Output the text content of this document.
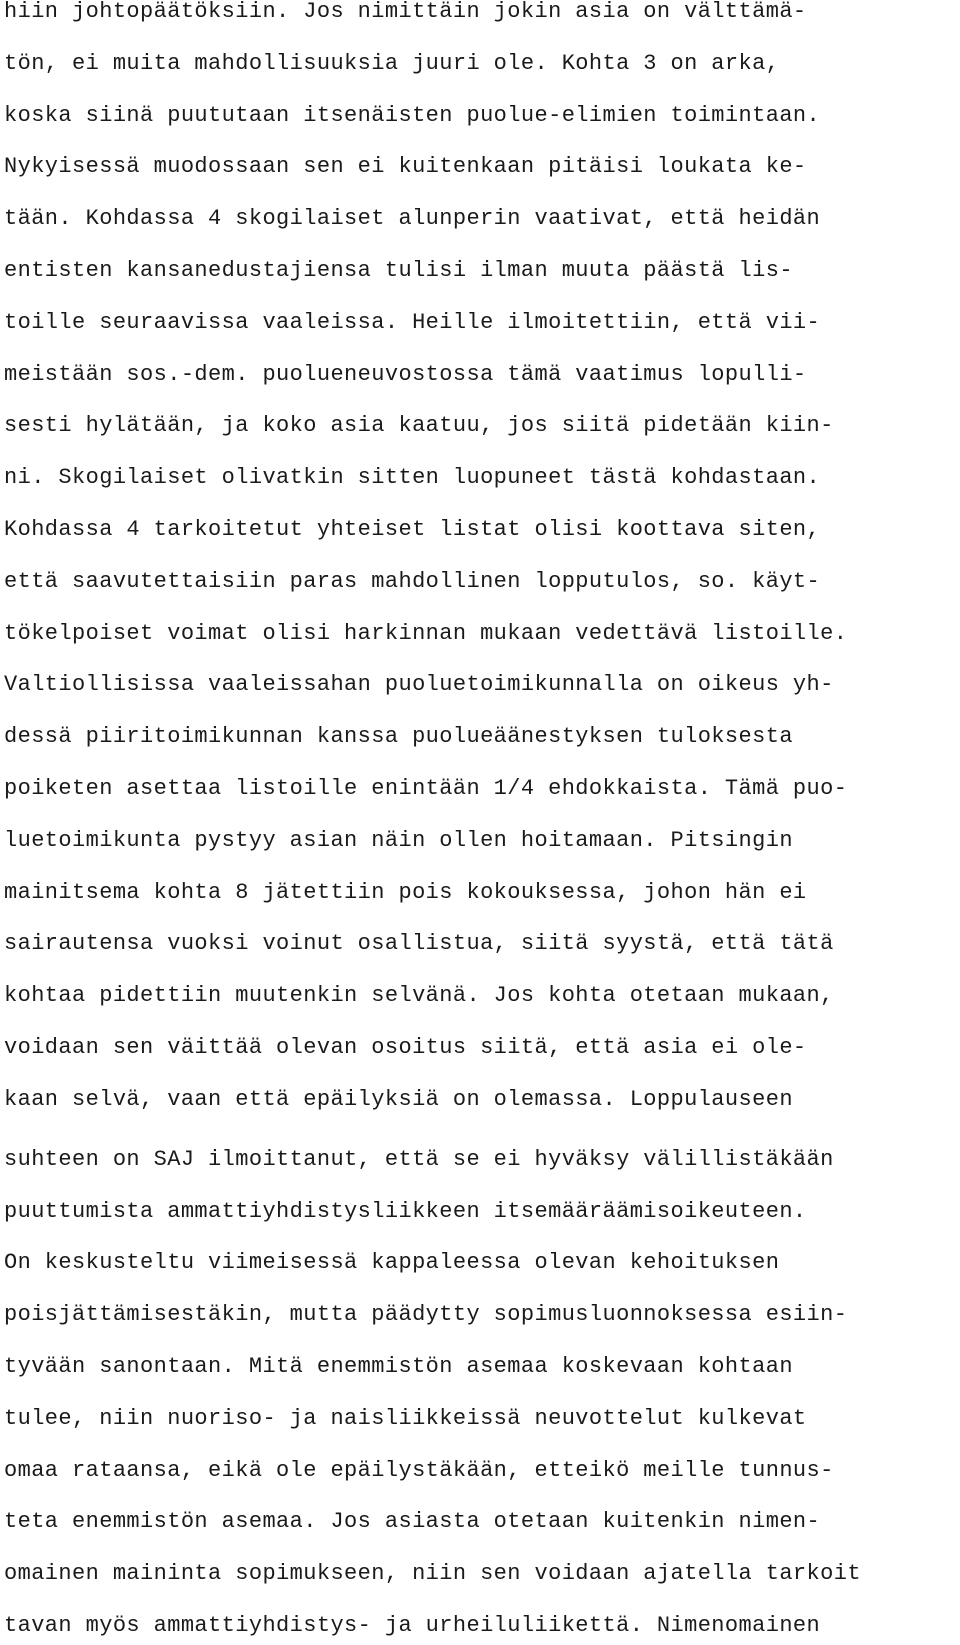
hiin johtopäätöksiin. Jos nimittäin jokin asia on välttämä-
tön, ei muita mahdollisuuksia juuri ole. Kohta 3 on arka,
koska siinä puututaan itsenäisten puolue-elimien toimintaan.
Nykyisessä muodossaan sen ei kuitenkaan pitäisi loukata ke-
tään. Kohdassa 4 skogilaiset alunperin vaativat, että heidän
entisten kansanedustajiensa tulisi ilman muuta päästä lis-
toille seuraavissa vaaleissa. Heille ilmoitettiin, että vii-
meistään sos.-dem. puolueneuvostossa tämä vaatimus lopulli-
sesti hylätään, ja koko asia kaatuu, jos siitä pidetään kiin-
ni. Skogilaiset olivatkin sitten luopuneet tästä kohdastaan.
Kohdassa 4 tarkoitetut yhteiset listat olisi koottava siten,
että saavutettaisiin paras mahdollinen lopputulos, so. käyt-
tökelpoiset voimat olisi harkinnan mukaan vedettävä listoille.
Valtiollisissa vaaleissahan puoluetoimikunnalla on oikeus yh-
dessä piiritoimikunnan kanssa puolueäänestyksen tuloksesta
poiketen asettaa listoille enintään 1/4 ehdokkaista. Tämä puo-
luetoimikunta pystyy asian näin ollen hoitamaan. Pitsingin
mainitsema kohta 8 jätettiin pois kokouksessa, johon hän ei
sairautensa vuoksi voinut osallistua, siitä syystä, että tätä
kohtaa pidettiin muutenkin selvänä. Jos kohta otetaan mukaan,
voidaan sen väittää olevan osoitus siitä, että asia ei ole-
kaan selvä, vaan että epäilyksiä on olemassa. Loppulauseen
suhteen on SAJ ilmoittanut, että se ei hyväksy välillistäkään
puuttumista ammattiyhdistysliikkeen itsemääräämisoikeuteen.
On keskusteltu viimeisessä kappaleessa olevan kehoituksen
poisjättämisestäkin, mutta päädytty sopimusluonnoksessa esiin-
tyvään sanontaan. Mitä enemmistön asemaa koskevaan kohtaan
tulee, niin nuoriso- ja naisliikkeissä neuvottelut kulkevat
omaa rataansa, eikä ole epäilystäkään, etteikö meille tunnus-
teta enemmistön asemaa. Jos asiasta otetaan kuitenkin nimen-
omainen maininta sopimukseen, niin sen voidaan ajatella tarkoit
tavan myös ammattiyhdistys- ja urheiluliikettä. Nimenomainen
